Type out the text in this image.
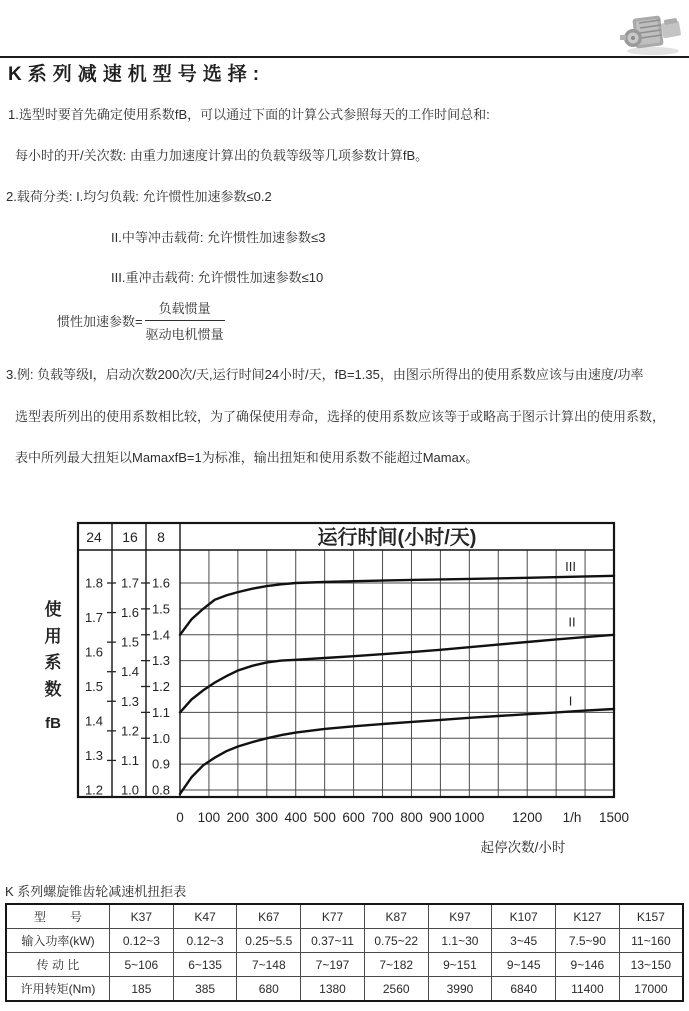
K系列减速机型号选择:
1.选型时要首先确定使用系数fB，可以通过下面的计算公式参照每天的工作时间总和:
每小时的开/关次数: 由重力加速度计算出的负载等级等几项参数计算fB。
2.载荷分类: I.均匀负载: 允许惯性加速参数≤0.2
II.中等冲击载荷: 允许惯性加速参数≤3
III.重冲击载荷: 允许惯性加速参数≤10
惯性加速参数= $\frac{\text{负载惯量}}{\text{驱动电机惯量}}$
3.例: 负载等级I，启动次数200次/天,运行时间24小时/天，fB=1.35，由图示所得出的使用系数应该与由速度/功率
选型表所列出的使用系数相比较，为了确保使用寿命，选择的使用系数应该等于或略高于图示计算出的使用系数，
表中所列最大扭矩以MamaxfB=1为标准，输出扭矩和使用系数不能超过Mamax。
使
用
系
数
fB
运行时间(小时/天)
24 16 8
1.8
1.7
1.6
1.5
1.4
1.3
1.2
1.7
1.6
1.5
1.4
1.3
1.2
1.1
1.0
1.6
1.5
1.4
1.3
1.2
1.1
1.0
0.9
0.8
III
II
I
0 100 200 300 400 500 600 700 800 900 1000 1200 1/h 1500
起停次数/小时
K 系列螺旋锥齿轮减速机扭拒表
型　　号	K37	K47	K67	K77	K87	K97	K107	K127	K157
输入功率(kW)	0.12~3	0.12~3	0.25~5.5	0.37~11	0.75~22	1.1~30	3~45	7.5~90	11~160
传 动 比	5~106	6~135	7~148	7~197	7~182	9~151	9~145	9~146	13~150
许用转矩(Nm)	185	385	680	1380	2560	3990	6840	11400	17000
